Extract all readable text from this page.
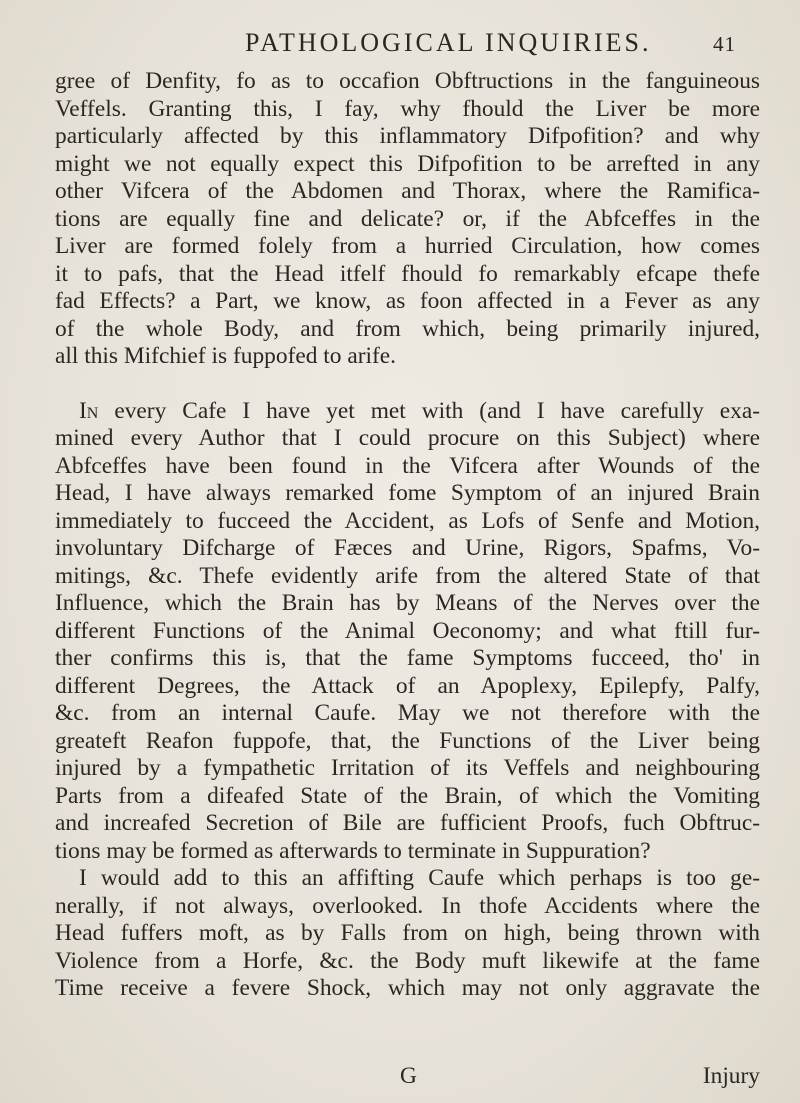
PATHOLOGICAL INQUIRIES.	41
gree of Denfity, fo as to occafion Obftructions in the fanguineous
Veffels. Granting this, I fay, why fhould the Liver be more
particularly affected by this inflammatory Difpofition? and why
might we not equally expect this Difpofition to be arrefted in any
other Vifcera of the Abdomen and Thorax, where the Ramifica-
tions are equally fine and delicate? or, if the Abfceffes in the
Liver are formed folely from a hurried Circulation, how comes
it to pafs, that the Head itfelf fhould fo remarkably efcape thefe
fad Effects? a Part, we know, as foon affected in a Fever as any
of the whole Body, and from which, being primarily injured,
all this Mifchief is fuppofed to arife.
In every Cafe I have yet met with (and I have carefully exa-
mined every Author that I could procure on this Subject) where
Abfceffes have been found in the Vifcera after Wounds of the
Head, I have always remarked fome Symptom of an injured Brain
immediately to fucceed the Accident, as Lofs of Senfe and Motion,
involuntary Difcharge of Fæces and Urine, Rigors, Spafms, Vo-
mitings, &c. Thefe evidently arife from the altered State of that
Influence, which the Brain has by Means of the Nerves over the
different Functions of the Animal Oeconomy; and what ftill fur-
ther confirms this is, that the fame Symptoms fucceed, tho' in
different Degrees, the Attack of an Apoplexy, Epilepfy, Palfy,
&c. from an internal Caufe. May we not therefore with the
greateft Reafon fuppofe, that, the Functions of the Liver being
injured by a fympathetic Irritation of its Veffels and neighbouring
Parts from a difeafed State of the Brain, of which the Vomiting
and increafed Secretion of Bile are fufficient Proofs, fuch Obftruc-
tions may be formed as afterwards to terminate in Suppuration?
I would add to this an affifting Caufe which perhaps is too ge-
nerally, if not always, overlooked. In thofe Accidents where the
Head fuffers moft, as by Falls from on high, being thrown with
Violence from a Horfe, &c. the Body muft likewife at the fame
Time receive a fevere Shock, which may not only aggravate the
G	Injury
